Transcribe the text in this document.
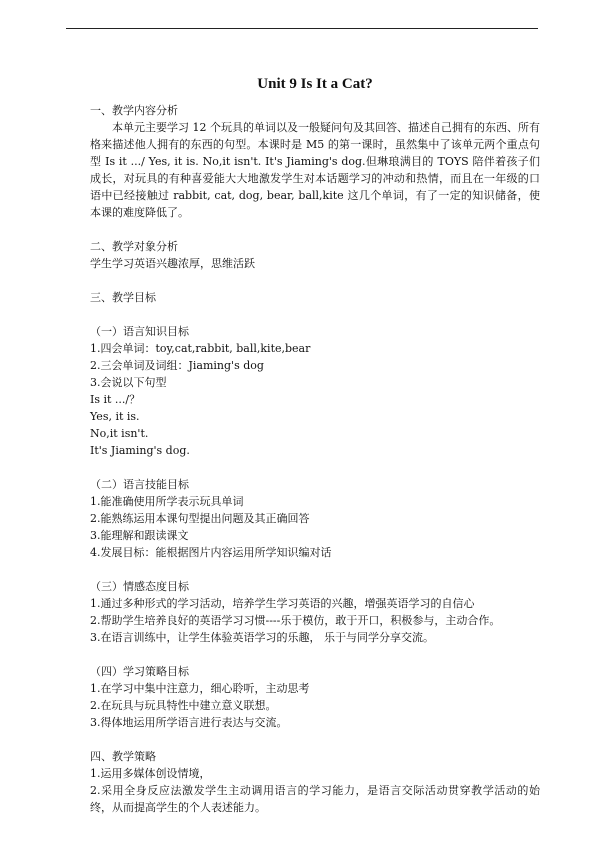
Unit 9 Is It a Cat?

一、教学内容分析

本单元主要学习 12 个玩具的单词以及一般疑问句及其回答、描述自己拥有的东西、所有格来描述他人拥有的东西的句型。本课时是 M5 的第一课时，虽然集中了该单元两个重点句型 Is it .../ Yes, it is. No,it isn't. It's Jiaming's dog.但琳琅满目的 TOYS 陪伴着孩子们成长，对玩具的有种喜爱能大大地激发学生对本话题学习的冲动和热情，而且在一年级的口语中已经接触过 rabbit, cat, dog, bear, ball,kite 这几个单词，有了一定的知识储备，使本课的难度降低了。

二、教学对象分析

学生学习英语兴趣浓厚，思维活跃

三、教学目标

（一）语言知识目标

1.四会单词：toy,cat,rabbit, ball,kite,bear

2.三会单词及词组：Jiaming's dog

3.会说以下句型

Is it .../？

Yes, it is.

No,it isn't.

It's Jiaming's dog.

（二）语言技能目标

1.能准确使用所学表示玩具单词

2.能熟练运用本课句型提出问题及其正确回答

3.能理解和跟读课文

4.发展目标：能根据图片内容运用所学知识编对话

（三）情感态度目标

1.通过多种形式的学习活动，培养学生学习英语的兴趣，增强英语学习的自信心

2.帮助学生培养良好的英语学习习惯----乐于模仿，敢于开口，积极参与，主动合作。

3.在语言训练中，让学生体验英语学习的乐趣， 乐于与同学分享交流。

（四）学习策略目标

1.在学习中集中注意力，细心聆听，主动思考

2.在玩具与玩具特性中建立意义联想。

3.得体地运用所学语言进行表达与交流。

四、教学策略

1.运用多媒体创设情境，

2.采用全身反应法激发学生主动调用语言的学习能力，是语言交际活动贯穿教学活动的始终，从而提高学生的个人表述能力。
